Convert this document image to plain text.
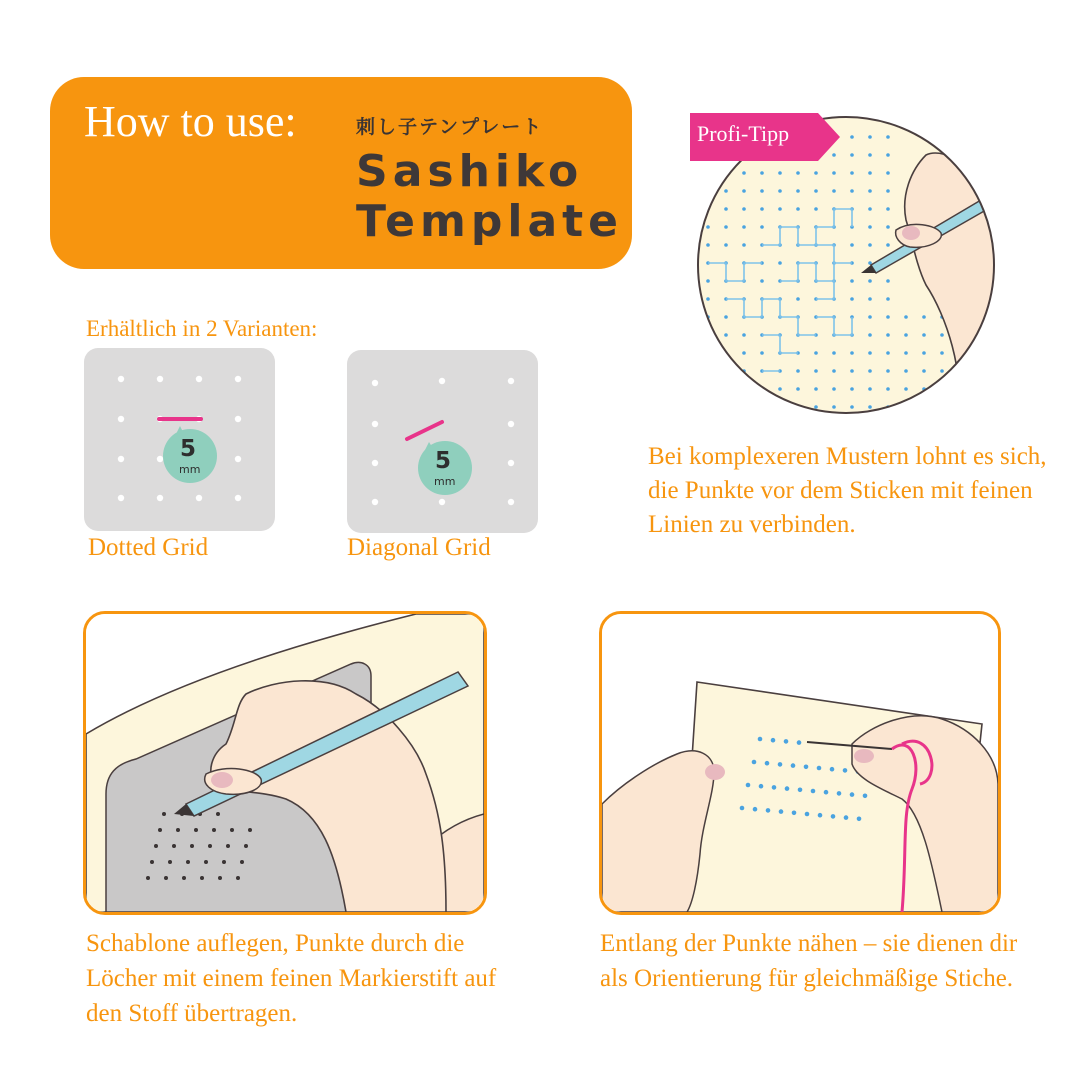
How to use:	刺し子テンプレート
Sashiko
Template
Erhältlich in 2 Varianten:
5
mm
Dotted Grid
5
mm
Diagonal Grid
Profi-Tipp
Bei komplexeren Mustern lohnt es sich, die Punkte vor dem Sticken mit feinen Linien zu verbinden.
Schablone auflegen, Punkte durch die Löcher mit einem feinen Markierstift auf den Stoff übertragen.
Entlang der Punkte nähen – sie dienen dir als Orientierung für gleichmäßige Stiche.
